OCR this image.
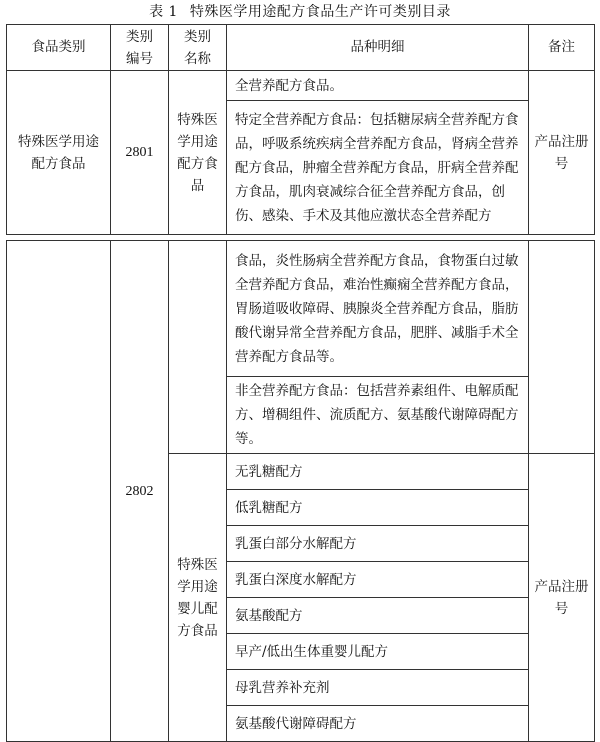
表 1 特殊医学用途配方食品生产许可类别目录
食品类别	类别编号	类别名称	品种明细	备注
特殊医学用途配方食品	2801	特殊医学用途配方食品	全营养配方食品。	产品注册号
			特定全营养配方食品：包括糖尿病全营养配方食品，呼吸系统疾病全营养配方食品，肾病全营养配方食品，肿瘤全营养配方食品，肝病全营养配方食品，肌肉衰减综合征全营养配方食品，创伤、感染、手术及其他应激状态全营养配方	
	2802		食品，炎性肠病全营养配方食品，食物蛋白过敏全营养配方食品，难治性癫痫全营养配方食品，胃肠道吸收障碍、胰腺炎全营养配方食品，脂肪酸代谢异常全营养配方食品，肥胖、减脂手术全营养配方食品等。	
			非全营养配方食品：包括营养素组件、电解质配方、增稠组件、流质配方、氨基酸代谢障碍配方等。	
		特殊医学用途婴儿配方食品	无乳糖配方	产品注册号
			低乳糖配方	
			乳蛋白部分水解配方	
			乳蛋白深度水解配方	
			氨基酸配方	
			早产/低出生体重婴儿配方	
			母乳营养补充剂	
			氨基酸代谢障碍配方	
